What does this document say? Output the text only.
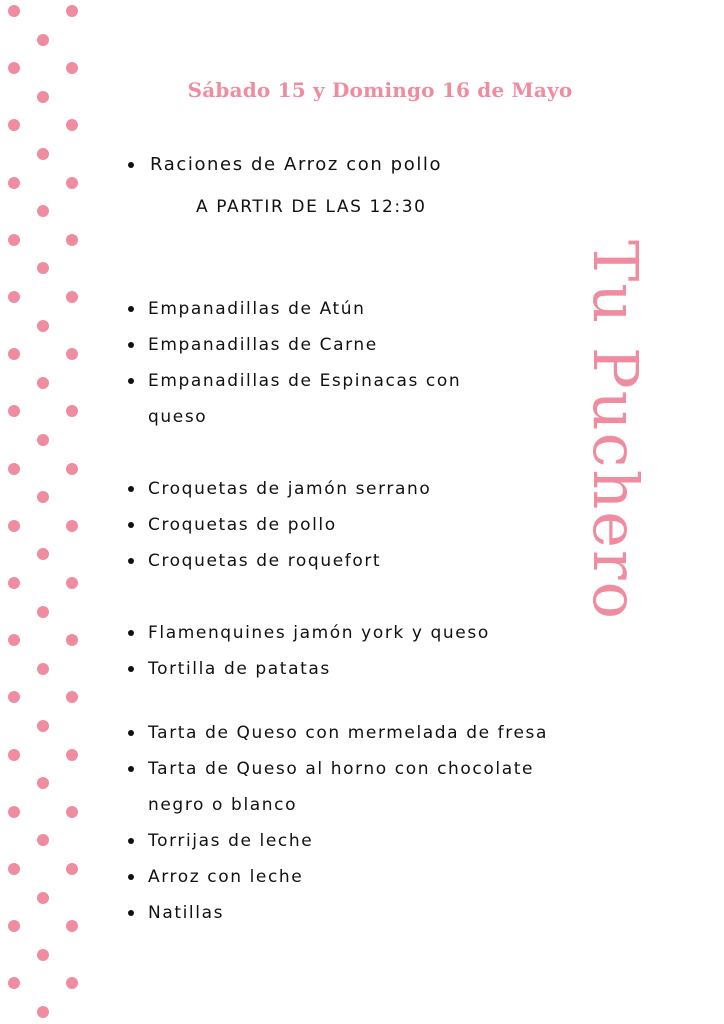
Sábado 15 y Domingo 16 de Mayo
Raciones de Arroz con pollo
Empanadillas de Atún
Empanadillas de Carne
Empanadillas de Espinacas con
Croquetas de jamón serrano
Croquetas de pollo
Croquetas de roquefort
Flamenquines jamón york y queso
Tortilla de patatas
Tarta de Queso con mermelada de fresa
Tarta de Queso al horno con chocolate
Torrijas de leche
Arroz con leche
Natillas
A PARTIR DE LAS 12:30
queso
negro o blanco
Tu Puchero
